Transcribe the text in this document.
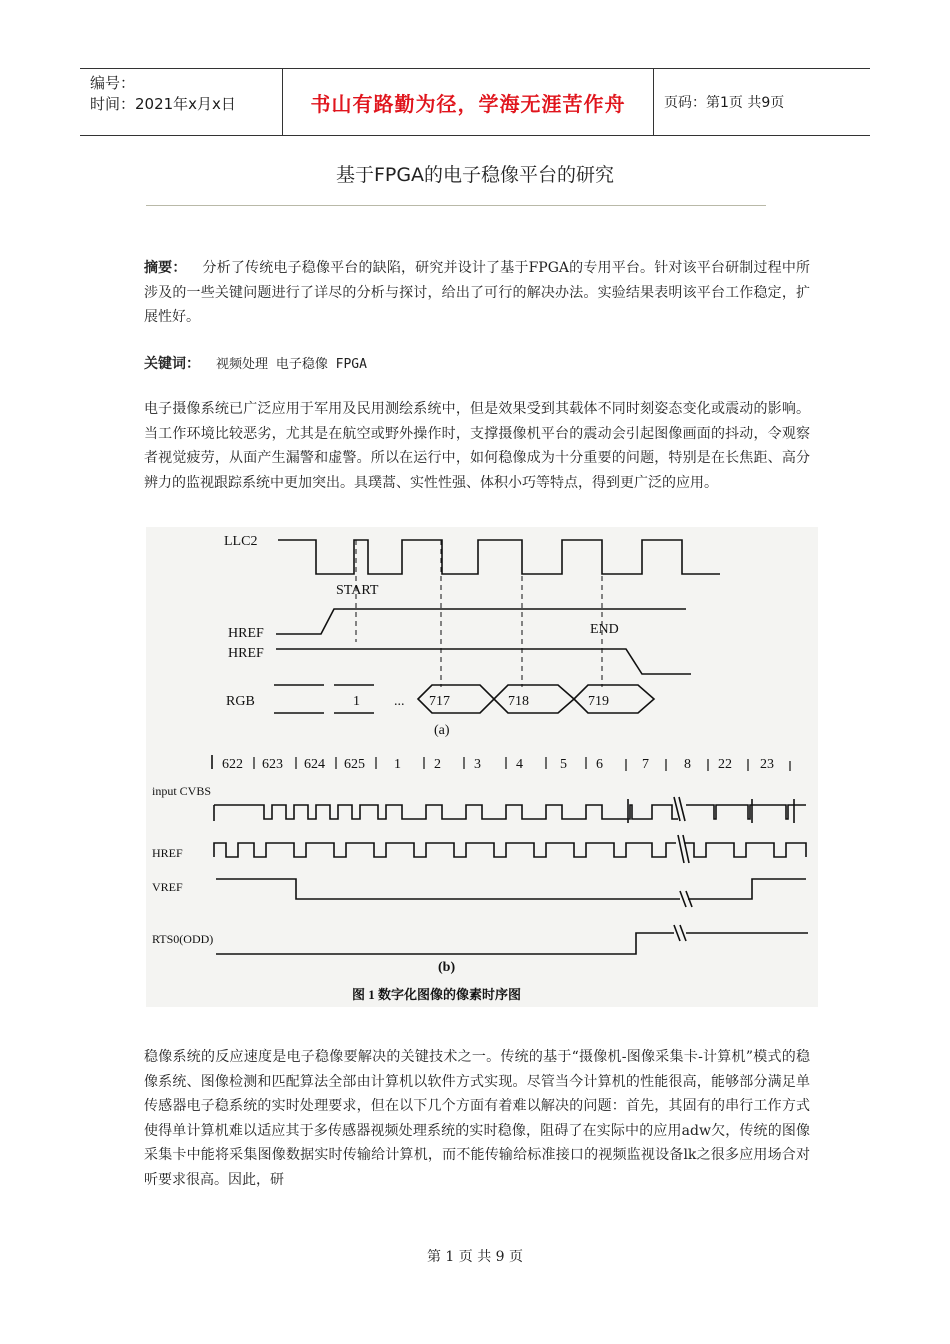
编号：
时间：2021年x月x日	书山有路勤为径，学海无涯苦作舟	页码：第1页 共9页
基于FPGA的电子稳像平台的研究
摘要： 分析了传统电子稳像平台的缺陷，研究并设计了基于FPGA的专用平台。针对该平台研制过程中所涉及的一些关键问题进行了详尽的分析与探讨，给出了可行的解决办法。实验结果表明该平台工作稳定，扩展性好。
关键词： 视频处理 电子稳像 FPGA
电子摄像系统已广泛应用于军用及民用测绘系统中，但是效果受到其载体不同时刻姿态变化或震动的影响。当工作环境比较恶劣，尤其是在航空或野外操作时，支撑摄像机平台的震动会引起图像画面的抖动，令观察者视觉疲劳，从面产生漏警和虚警。所以在运行中，如何稳像成为十分重要的问题，特别是在长焦距、高分辨力的监视跟踪系统中更加突出。具璞蒿、实性性强、体积小巧等特点，得到更广泛的应用。
LLC2
START
HREF	END
HREF
RGB	1 ... 717	718	719
(a)
622 623 624 625 1 2 3	4	5 6	7	8 22 23
input CVBS
HREF
VREF
RTS0(ODD)
(b)
图 1 数字化图像的像素时序图
稳像系统的反应速度是电子稳像要解决的关键技术之一。传统的基于“摄像机-图像采集卡-计算机”模式的稳像系统、图像检测和匹配算法全部由计算机以软件方式实现。尽管当今计算机的性能很高，能够部分满足单传感器电子稳系统的实时处理要求，但在以下几个方面有着难以解决的问题：首先，其固有的串行工作方式使得单计算机难以适应其于多传感器视频处理系统的实时稳像，阻碍了在实际中的应用adw欠，传统的图像采集卡中能将采集图像数据实时传输给计算机，而不能传输给标准接口的视频监视设备lk之很多应用场合对听要求很高。因此，研
第 1 页 共 9 页
